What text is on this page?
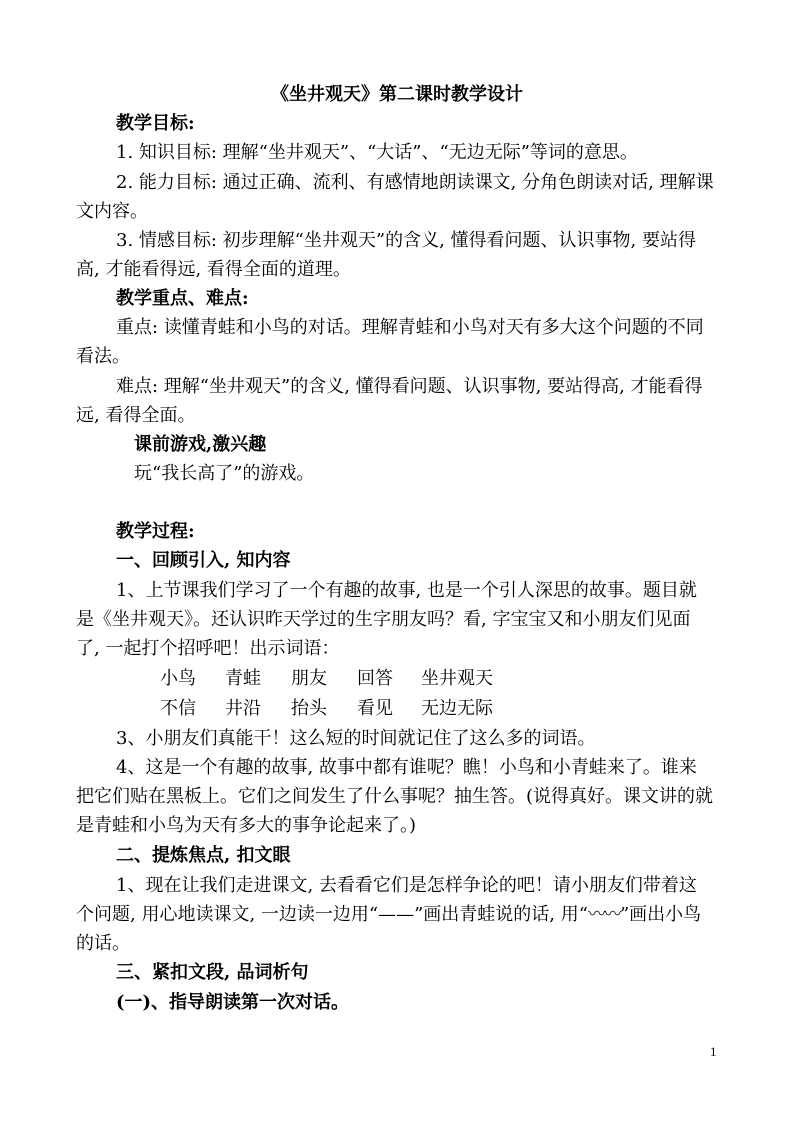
《坐井观天》第二课时教学设计
教学目标:
1. 知识目标: 理解“坐井观天”、“大话”、“无边无际”等词的意思。
2. 能力目标: 通过正确、流利、有感情地朗读课文, 分角色朗读对话, 理解课
文内容。
3. 情感目标: 初步理解“坐井观天”的含义, 懂得看问题、认识事物, 要站得
高, 才能看得远, 看得全面的道理。
教学重点、难点:
重点: 读懂青蛙和小鸟的对话。理解青蛙和小鸟对天有多大这个问题的不同
看法。
难点: 理解“坐井观天”的含义, 懂得看问题、认识事物, 要站得高, 才能看得
远, 看得全面。
课前游戏,激兴趣
玩“我长高了”的游戏。
教学过程:
一、回顾引入, 知内容
1、上节课我们学习了一个有趣的故事, 也是一个引人深思的故事。题目就
是《坐井观天》。还认识昨天学过的生字朋友吗？看, 字宝宝又和小朋友们见面
了, 一起打个招呼吧！出示词语：
小鸟 青蛙 朋友 回答 坐井观天
不信 井沿 抬头 看见 无边无际
3、小朋友们真能干！这么短的时间就记住了这么多的词语。
4、这是一个有趣的故事, 故事中都有谁呢？瞧！小鸟和小青蛙来了。谁来
把它们贴在黑板上。它们之间发生了什么事呢？抽生答。(说得真好。课文讲的就
是青蛙和小鸟为天有多大的事争论起来了。)
二、提炼焦点, 扣文眼
1、现在让我们走进课文, 去看看它们是怎样争论的吧！请小朋友们带着这
个问题, 用心地读课文, 一边读一边用“——”画出青蛙说的话, 用“〰〰”画出小鸟
的话。
三、紧扣文段, 品词析句
(一)、指导朗读第一次对话。
1
